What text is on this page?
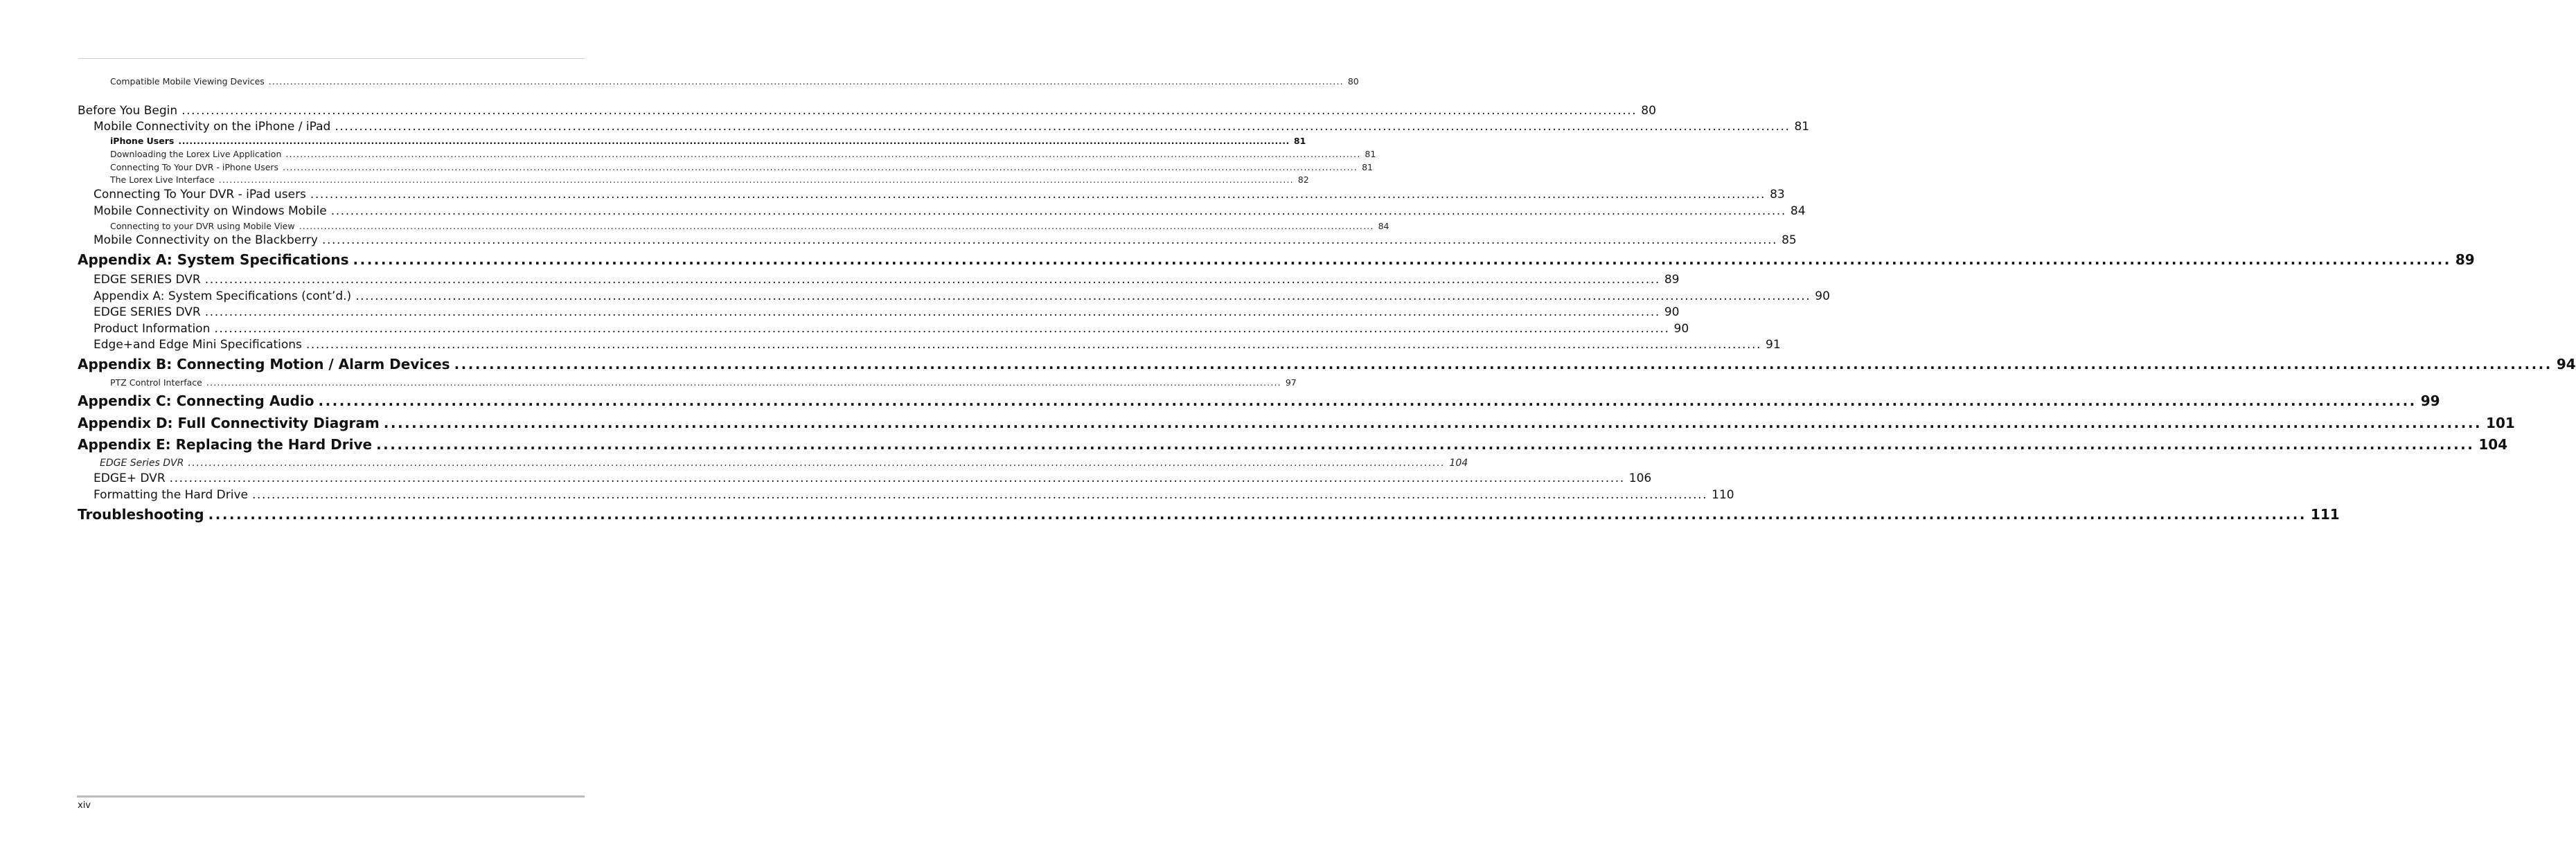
Compatible Mobile Viewing Devices ............................................................................................................................................................................................................................................................................................................ 80
Before You Begin ............................................................................................................................................................................................................................................................................................................ 80
Mobile Connectivity on the iPhone / iPad ............................................................................................................................................................................................................................................................................................................ 81
iPhone Users ............................................................................................................................................................................................................................................................................................................ 81
Downloading the Lorex Live Application ............................................................................................................................................................................................................................................................................................................ 81
Connecting To Your DVR - iPhone Users ............................................................................................................................................................................................................................................................................................................ 81
The Lorex Live Interface ............................................................................................................................................................................................................................................................................................................ 82
Connecting To Your DVR - iPad users ............................................................................................................................................................................................................................................................................................................ 83
Mobile Connectivity on Windows Mobile ............................................................................................................................................................................................................................................................................................................ 84
Connecting to your DVR using Mobile View ............................................................................................................................................................................................................................................................................................................ 84
Mobile Connectivity on the Blackberry ............................................................................................................................................................................................................................................................................................................ 85
Appendix A: System Specifications ............................................................................................................................................................................................................................................................................................................ 89
EDGE SERIES DVR ............................................................................................................................................................................................................................................................................................................ 89
Appendix A: System Specifications (cont’d.) ............................................................................................................................................................................................................................................................................................................ 90
EDGE SERIES DVR ............................................................................................................................................................................................................................................................................................................ 90
Product Information ............................................................................................................................................................................................................................................................................................................ 90
Edge+and Edge Mini Specifications ............................................................................................................................................................................................................................................................................................................ 91
Appendix B: Connecting Motion / Alarm Devices ............................................................................................................................................................................................................................................................................................................ 94
PTZ Control Interface ............................................................................................................................................................................................................................................................................................................ 97
Appendix C: Connecting Audio ............................................................................................................................................................................................................................................................................................................ 99
Appendix D: Full Connectivity Diagram ............................................................................................................................................................................................................................................................................................................ 101
Appendix E: Replacing the Hard Drive ............................................................................................................................................................................................................................................................................................................ 104
EDGE Series DVR ............................................................................................................................................................................................................................................................................................................ 104
EDGE+ DVR ............................................................................................................................................................................................................................................................................................................ 106
Formatting the Hard Drive ............................................................................................................................................................................................................................................................................................................ 110
Troubleshooting ............................................................................................................................................................................................................................................................................................................ 111
xiv
